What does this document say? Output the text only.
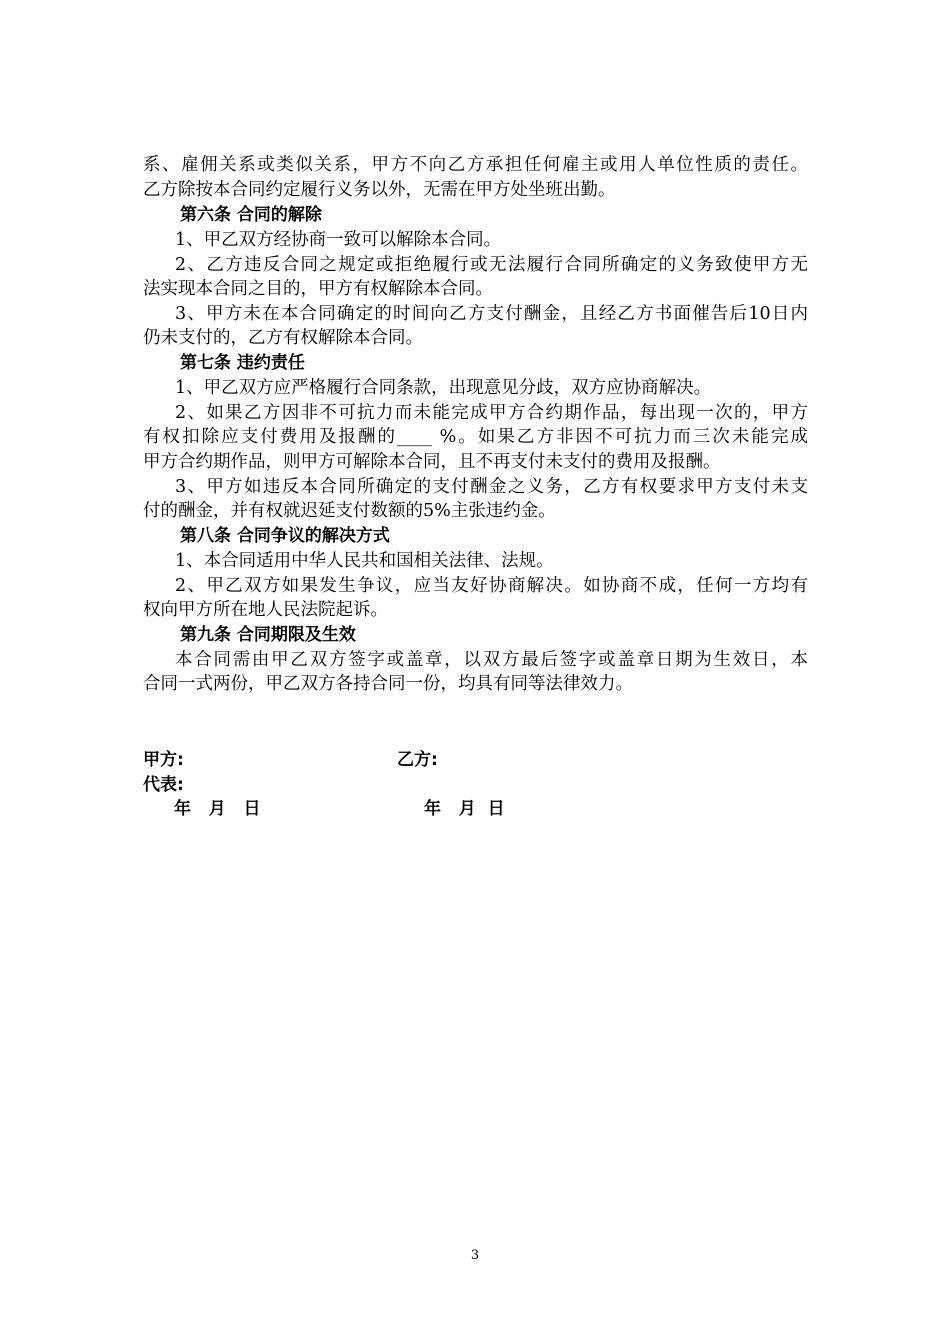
系、雇佣关系或类似关系，甲方不向乙方承担任何雇主或用人单位性质的责任。
乙方除按本合同约定履行义务以外，无需在甲方处坐班出勤。
第六条 合同的解除
1、甲乙双方经协商一致可以解除本合同。
2、乙方违反合同之规定或拒绝履行或无法履行合同所确定的义务致使甲方无
法实现本合同之目的，甲方有权解除本合同。
3、甲方未在本合同确定的时间向乙方支付酬金，且经乙方书面催告后10日内
仍未支付的，乙方有权解除本合同。
第七条 违约责任
1、甲乙双方应严格履行合同条款，出现意见分歧，双方应协商解决。
2、如果乙方因非不可抗力而未能完成甲方合约期作品，每出现一次的，甲方
有权扣除应支付费用及报酬的____ %。如果乙方非因不可抗力而三次未能完成
甲方合约期作品，则甲方可解除本合同，且不再支付未支付的费用及报酬。
3、甲方如违反本合同所确定的支付酬金之义务，乙方有权要求甲方支付未支
付的酬金，并有权就迟延支付数额的5%主张违约金。
第八条 合同争议的解决方式
1、本合同适用中华人民共和国相关法律、法规。
2、甲乙双方如果发生争议，应当友好协商解决。如协商不成，任何一方均有
权向甲方所在地人民法院起诉。
第九条 合同期限及生效
本合同需由甲乙双方签字或盖章，以双方最后签字或盖章日期为生效日，本
合同一式两份，甲乙双方各持合同一份，均具有同等法律效力。
甲方:	乙方:
代表:
年   月   日	年   月  日
3
